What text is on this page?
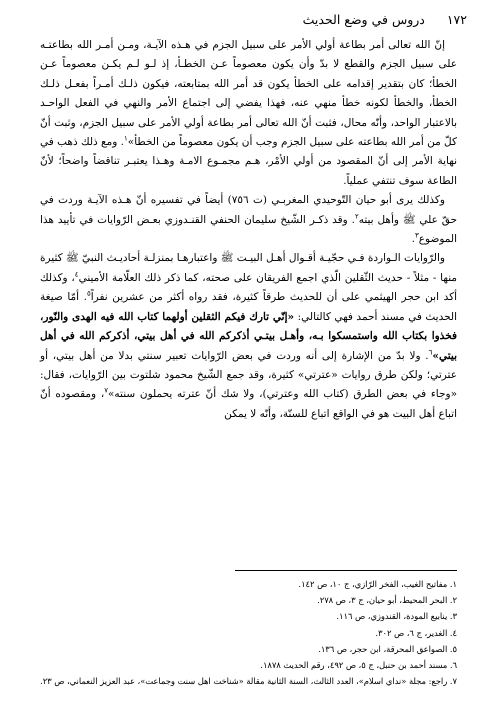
١٧٢
دروس في وضع الحديث

إنّ الله تعالى أمر بطاعة أولي الأمر على سبيل الجزم في هـذه الآيـة، ومـن أمـر الله بطاعتـه على سبيل الجزم والقطع لا بدّ وأن يكون معصوماً عـن الخطـأ، إذ لـو لـم يكـن معصوماً عـن الخطأ؛ كان بتقدير إقدامه على الخطأ يكون قد أمر الله بمتابعته، فيكون ذلـك أمـراً بفعـل ذلـك الخطأ، والخطأ لكونه خطأ منهي عنه، فهذا يفضي إلى اجتماع الأمر والنهي في الفعل الواحـد بالاعتبار الواحد، وأنّه محال، فثبت أنّ الله تعالى أمر بطاعة أولي الأمر على سبيل الجزم، وثبت أنّ كلّ من أمر الله بطاعته على سبيل الجزم وجب أن يكون معصوماً من الخطأ»$^١$. ومع ذلك ذهب في نهاية الأمر إلى أنّ المقصود من أولي الأمْر، هـم مجمـوع الامـة وهـذا يعتبـر تناقضاً واضحاً؛ لأنّ الطاعة سوف تنتفي عملياً.

وكذلك يرى أبو حيان التّوحيدي المغربـي (ت ٧٥٦) أيضاً في تفسيره أنّ هـذه الآيـة وردت في حقّ علي ﷺ وأهل بيته$^٢$. وقد ذكـر الشّيخ سليمان الحنفي القنـدوزي بعـض الرّوايات في تأييد هذا الموضوع$^٣$.

والرّوايات الـواردة فـي حجّيـة أقـوال أهـل البيـت ﷺ واعتبارهـا بمنزلـة أحاديـث النبيّ ﷺ كثيرة منها - مثلاً - حديث الثّقلين الّذي اجمع الفريقان على صحته، كما ذكر ذلك العلّامة الأميني$^٤$، وكذلك أكد ابن حجر الهيثمي على أن للحديث طرقاً كثيرة، فقد رواه أكثر من عشرين نفراً$^٥$. أمّا صيغة الحديث في مسند أحمد فهي كالتالي: «إنّي تارك فيكم الثقلين أولهما كتاب الله فيه الهدى والنّور، فخذوا بكتاب الله واستمسكوا بـه، وأهـل بيتـي أذكركم الله في أهل بيتي، أذكركم الله في أهل بيتي»$^٦$. ولا بدّ من الإشارة إلى أنه وردت في بعض الرّوايات تعبير سنتي بدلا من أهل بيتي، أو عترتي؛ ولكن طرق روايات «عترتي» كثيرة، وقد جمع الشّيخ محمود شلتوت بين الرّوايات، فقال: «وجاء في بعض الطرق (كتاب الله وعترتي)، ولا شك أنّ عترته يحملون سنته»$^٧$، ومقصوده أنّ اتباع أهل البيت هو في الواقع اتباع للسنّة، وأنّه لا يمكن

١. مفاتيح الغيب، الفخر الرّازي، ج ١٠، ص ١٤٢.
٢. البحر المحيط، أبو حيان، ج ٣، ص ٢٧٨.
٣. ينابيع المودة، القندوزي، ص ١١٦.
٤. الغدير، ج ٦، ص ٣٠٢.
٥. الصواعق المحرقة، ابن حجر، ص ١٣٦.
٦. مسند أحمد بن حنبل، ج ٥، ص ٤٩٢، رقم الحديث ١٨٧٨.
٧. راجع: مجلة «نداي اسلام»، العدد الثالث، السنة الثانية مقالة «شناخت اهل سنت وجماعت»، عبد العزيز النعماني، ص ٢٣.
